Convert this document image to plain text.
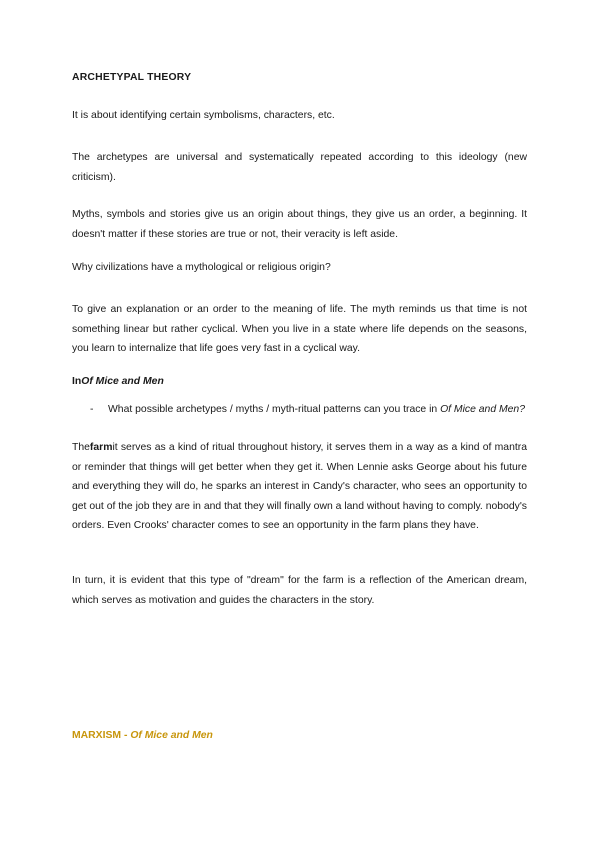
ARCHETYPAL THEORY

It is about identifying certain symbolisms, characters, etc.

The archetypes are universal and systematically repeated according to this ideology (new criticism).

Myths, symbols and stories give us an origin about things, they give us an order, a beginning. It doesn't matter if these stories are true or not, their veracity is left aside.

Why civilizations have a mythological or religious origin?

To give an explanation or an order to the meaning of life. The myth reminds us that time is not something linear but rather cyclical. When you live in a state where life depends on the seasons, you learn to internalize that life goes very fast in a cyclical way.

InOf Mice and Men
- What possible archetypes / myths / myth-ritual patterns can you trace in Of Mice and Men?

Thefarmit serves as a kind of ritual throughout history, it serves them in a way as a kind of mantra or reminder that things will get better when they get it. When Lennie asks George about his future and everything they will do, he sparks an interest in Candy's character, who sees an opportunity to get out of the job they are in and that they will finally own a land without having to comply. nobody's orders. Even Crooks' character comes to see an opportunity in the farm plans they have.

In turn, it is evident that this type of "dream" for the farm is a reflection of the American dream, which serves as motivation and guides the characters in the story.

MARXISM - Of Mice and Men
